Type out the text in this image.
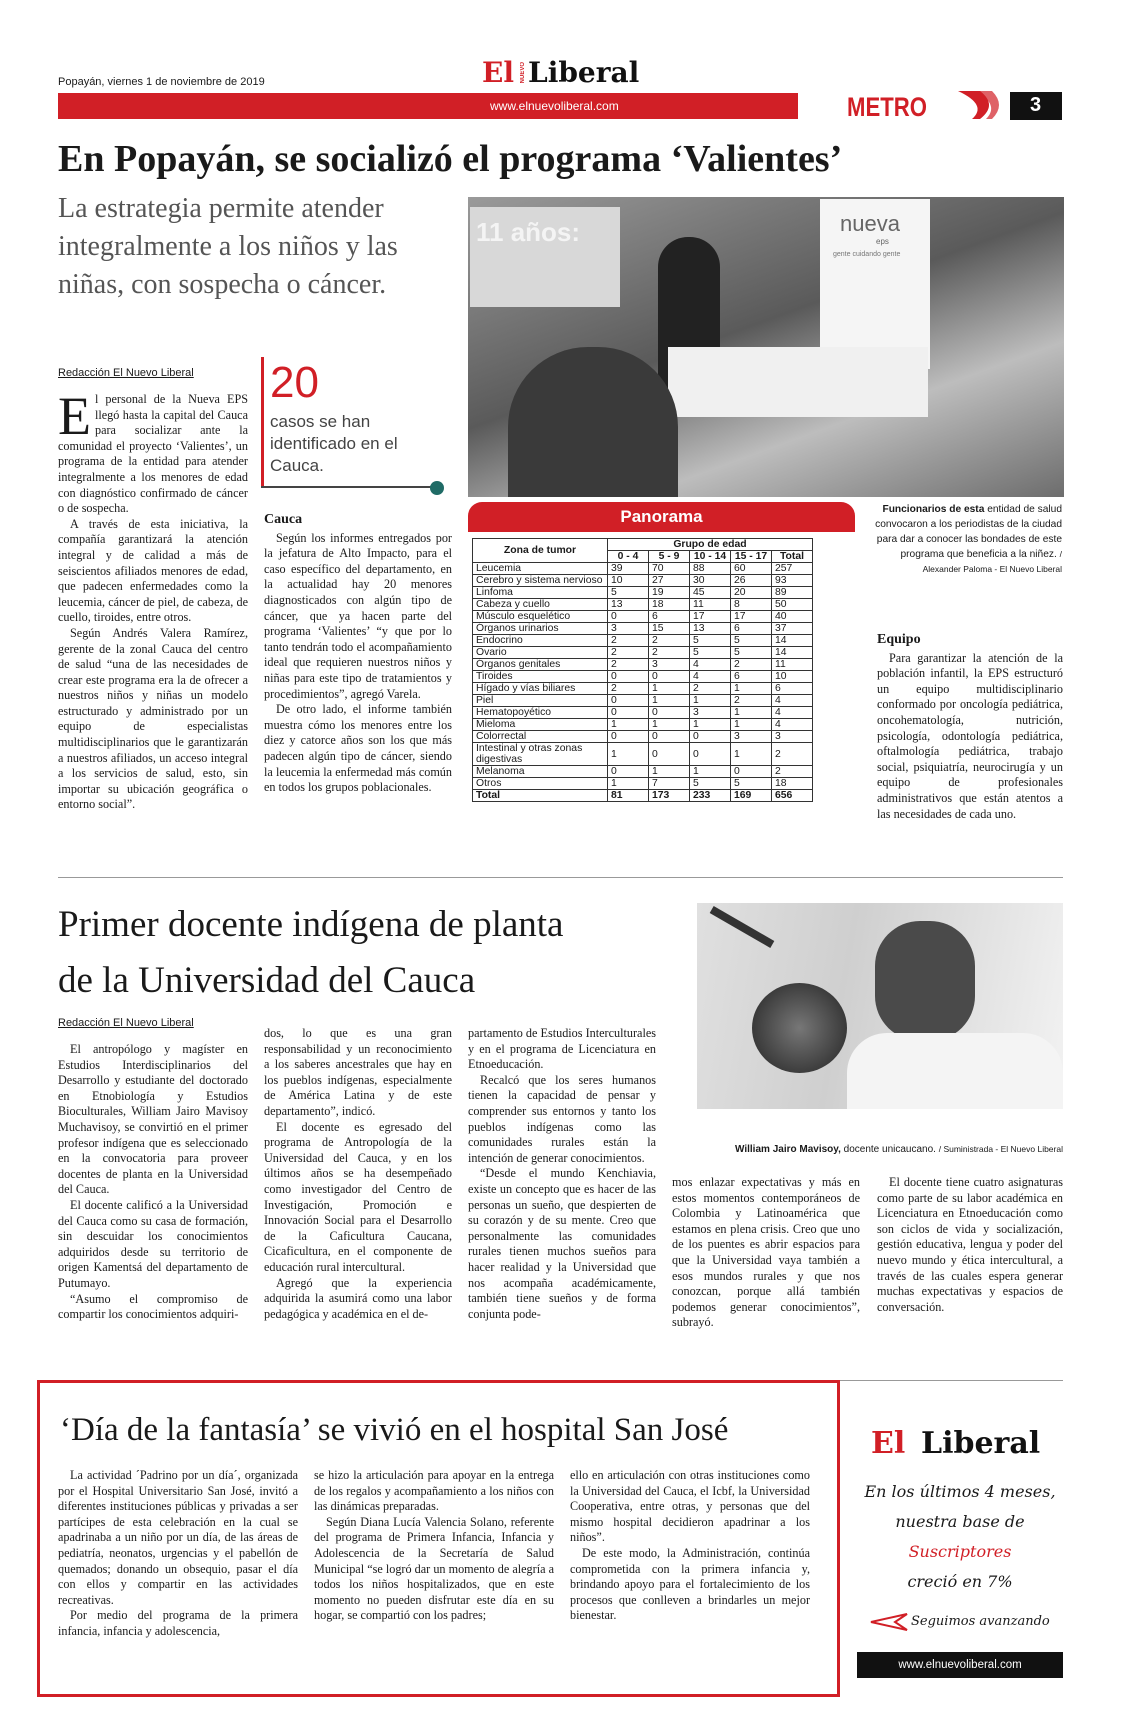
Popayán, viernes 1 de noviembre de 2019	El NUEVO Liberal
www.elnuevoliberal.com	METRO	3
En Popayán, se socializó el programa ‘Valientes’
La estrategia permite atender integralmente a los niños y las niñas, con sospecha o cáncer.
11 años:	nueva
eps
gente cuidando gente
Redacción El Nuevo Liberal
E l personal de la Nueva EPS llegó hasta la capital del Cauca para socializar ante la comunidad el proyecto ‘Valientes’, un programa de la entidad para atender integralmente a los menores de edad con diagnóstico confirmado de cáncer o de sospecha.

A través de esta iniciativa, la compañía garantizará la atención integral y de calidad a más de seiscientos afiliados menores de edad, que padecen enfermedades como la leucemia, cáncer de piel, de cabeza, de cuello, tiroides, entre otros.

Según Andrés Valera Ramírez, gerente de la zonal Cauca del centro de salud “una de las necesidades de crear este programa era la de ofrecer a nuestros niños y niñas un modelo estructurado y administrado por un equipo de especialistas multidisciplinarios que le garantizarán a nuestros afiliados, un acceso integral a los servicios de salud, esto, sin importar su ubicación geográfica o entorno social”.

20
casos se han identificado en el Cauca.
Cauca

Según los informes entregados por la jefatura de Alto Impacto, para el caso específico del departamento, en la actualidad hay 20 menores diagnosticados con algún tipo de cáncer, que ya hacen parte del programa ‘Valientes’ “y que por lo tanto tendrán todo el acompañamiento ideal que requieren nuestros niños y niñas para este tipo de tratamientos y procedimientos”, agregó Varela.

De otro lado, el informe también muestra cómo los menores entre los diez y catorce años son los que más padecen algún tipo de cáncer, siendo la leucemia la enfermedad más común en todos los grupos poblacionales.

Panorama
Zona de tumor	Grupo de edad				
	0 - 4	5 - 9	10 - 14	15 - 17	Total
Leucemia	39	70	88	60	257
Cerebro y sistema nervioso	10	27	30	26	93
Linfoma	5	19	45	20	89
Cabeza y cuello	13	18	11	8	50
Músculo esquelético	0	6	17	17	40
Órganos urinarios	3	15	13	6	37
Endocrino	2	2	5	5	14
Ovario	2	2	5	5	14
Órganos genitales	2	3	4	2	11
Tiroides	0	0	4	6	10
Hígado y vías biliares	2	1	2	1	6
Piel	0	1	1	2	4
Hematopoyético	0	0	3	1	4
Mieloma	1	1	1	1	4
Colorrectal	0	0	0	3	3
Intestinal y otras zonas digestivas	1	0	0	1	2
Melanoma	0	1	1	0	2
Otros	1	7	5	5	18
Total	81	173	233	169	656
Funcionarios de esta entidad de salud convocaron a los periodistas de la ciudad para dar a conocer las bondades de este programa que beneficia a la niñez. / Alexander Paloma - El Nuevo Liberal
Equipo

Para garantizar la atención de la población infantil, la EPS estructuró un equipo multidisciplinario conformado por oncología pediátrica, oncohematología, nutrición, psicología, odontología pediátrica, oftalmología pediátrica, trabajo social, psiquiatría, neurocirugía y un equipo de profesionales administrativos que están atentos a las necesidades de cada uno.

Primer docente indígena de planta
de la Universidad del Cauca
Redacción El Nuevo Liberal

El antropólogo y magíster en Estudios Interdisciplinarios del Desarrollo y estudiante del doctorado en Etnobiología y Estudios Bioculturales, William Jairo Mavisoy Muchavisoy, se convirtió en el primer profesor indígena que es seleccionado en la convocatoria para proveer docentes de planta en la Universidad del Cauca.

El docente calificó a la Universidad del Cauca como su casa de formación, sin descuidar los conocimientos adquiridos desde su territorio de origen Kamentsá del departamento de Putumayo.

“Asumo el compromiso de compartir los conocimientos adquiri-

dos, lo que es una gran responsabilidad y un reconocimiento a los saberes ancestrales que hay en los pueblos indígenas, especialmente de América Latina y de este departamento”, indicó.

El docente es egresado del programa de Antropología de la Universidad del Cauca, y en los últimos años se ha desempeñado como investigador del Centro de Investigación, Promoción e Innovación Social para el Desarrollo de la Caficultura Caucana, Cicaficultura, en el componente de educación rural intercultural.

Agregó que la experiencia adquirida la asumirá como una labor pedagógica y académica en el de-

partamento de Estudios Interculturales y en el programa de Licenciatura en Etnoeducación.

Recalcó que los seres humanos tienen la capacidad de pensar y comprender sus entornos y tanto los pueblos indígenas como las comunidades rurales están la intención de generar conocimientos.

“Desde el mundo Kenchiavia, existe un concepto que es hacer de las personas un sueño, que despierten de su corazón y de su mente. Creo que personalmente las comunidades rurales tienen muchos sueños para hacer realidad y la Universidad que nos acompaña académicamente, también tiene sueños y de forma conjunta pode-

mos enlazar expectativas y más en estos momentos contemporáneos de Colombia y Latinoamérica que estamos en plena crisis. Creo que uno de los puentes es abrir espacios para que la Universidad vaya también a esos mundos rurales y que nos conozcan, porque allá también podemos generar conocimientos”, subrayó.

El docente tiene cuatro asignaturas como parte de su labor académica en Licenciatura en Etnoeducación como son ciclos de vida y socialización, gestión educativa, lengua y poder del nuevo mundo y ética intercultural, a través de las cuales espera generar muchas expectativas y espacios de conversación.

William Jairo Mavisoy, docente unicaucano. / Suministrada - El Nuevo Liberal
‘Día de la fantasía’ se vivió en el hospital San José

La actividad ´Padrino por un día´, organizada por el Hospital Universitario San José, invitó a diferentes instituciones públicas y privadas a ser partícipes de esta celebración en la cual se apadrinaba a un niño por un día, de las áreas de pediatría, neonatos, urgencias y el pabellón de quemados; donando un obsequio, pasar el día con ellos y compartir en las actividades recreativas.

Por medio del programa de la primera infancia, infancia y adolescencia,

se hizo la articulación para apoyar en la entrega de los regalos y acompañamiento a los niños con las dinámicas preparadas.

Según Diana Lucía Valencia Solano, referente del programa de Primera Infancia, Infancia y Adolescencia de la Secretaría de Salud Municipal “se logró dar un momento de alegría a todos los niños hospitalizados, que en este momento no pueden disfrutar este día en su hogar, se compartió con los padres;

ello en articulación con otras instituciones como la Universidad del Cauca, el Icbf, la Universidad Cooperativa, entre otras, y personas que del mismo hospital decidieron apadrinar a los niños”.

De este modo, la Administración, continúa comprometida con la primera infancia y, brindando apoyo para el fortalecimiento de los procesos que conlleven a brindarles un mejor bienestar.

El Liberal
En los últimos 4 meses,
nuestra base de
Suscriptores
creció en 7%
Seguimos avanzando
www.elnuevoliberal.com
